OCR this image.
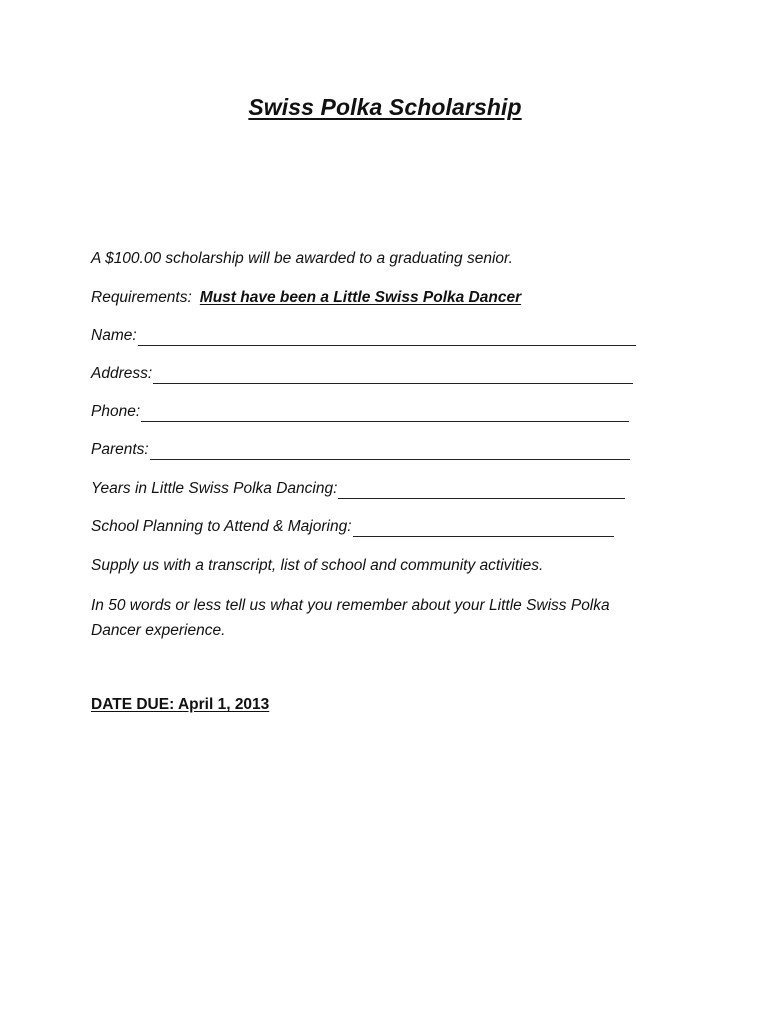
Swiss Polka Scholarship
A $100.00 scholarship will be awarded to a graduating senior.
Requirements: Must have been a Little Swiss Polka Dancer
Name:
Address:
Phone:
Parents:
Years in Little Swiss Polka Dancing:
School Planning to Attend & Majoring:
Supply us with a transcript, list of school and community activities.
In 50 words or less tell us what you remember about your Little Swiss Polka Dancer experience.
DATE DUE: April 1, 2013
